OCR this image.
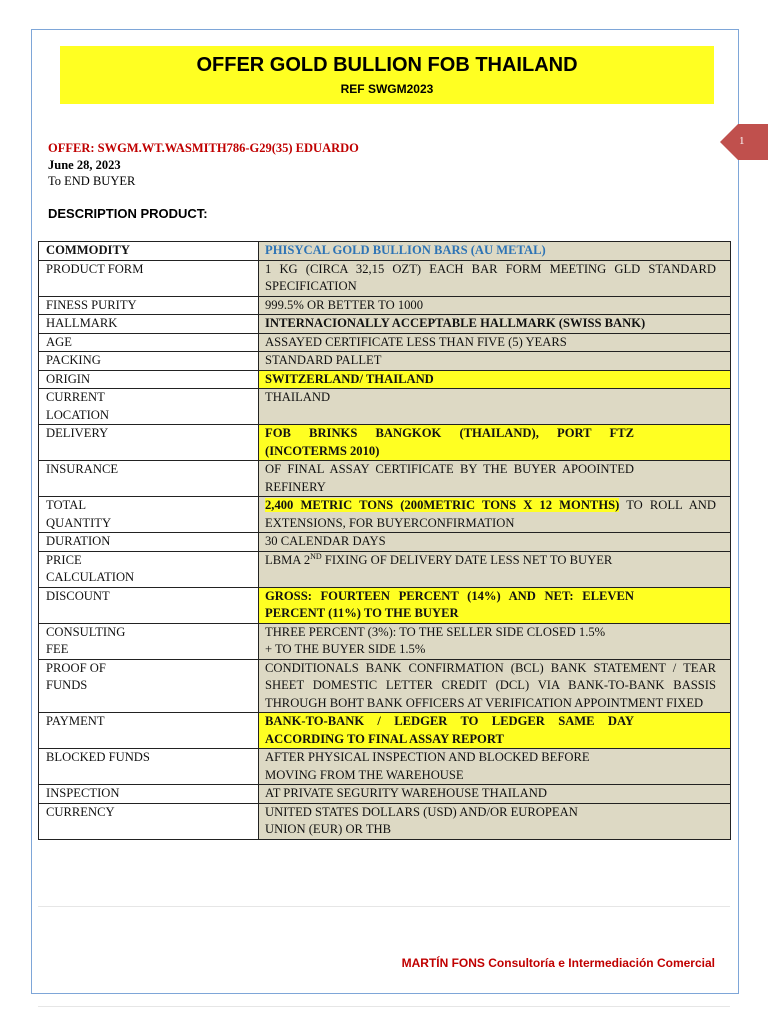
OFFER GOLD BULLION FOB THAILAND
REF SWGM2023
1
OFFER: SWGM.WT.WASMITH786-G29(35) EDUARDO
June 28, 2023
To END BUYER
DESCRIPTION PRODUCT:
COMMODITY	PHISYCAL GOLD BULLION BARS (AU METAL)
PRODUCT FORM	1 KG (CIRCA 32,15 OZT) EACH BAR FORM MEETING GLD STANDARD SPECIFICATION
FINESS PURITY	999.5% OR BETTER TO 1000
HALLMARK	INTERNACIONALLY ACCEPTABLE HALLMARK (SWISS BANK)
AGE	ASSAYED CERTIFICATE LESS THAN FIVE (5) YEARS
PACKING	STANDARD PALLET
ORIGIN	SWITZERLAND/ THAILAND
CURRENT LOCATION	THAILAND
DELIVERY	FOB BRINKS BANGKOK (THAILAND), PORT FTZ (INCOTERMS 2010)
INSURANCE	OF FINAL ASSAY CERTIFICATE BY THE BUYER APOOINTED REFINERY
TOTAL QUANTITY	2,400 METRIC TONS (200METRIC TONS X 12 MONTHS) TO ROLL AND EXTENSIONS, FOR BUYERCONFIRMATION
DURATION	30 CALENDAR DAYS
PRICE CALCULATION	LBMA 2ND FIXING OF DELIVERY DATE LESS NET TO BUYER
DISCOUNT	GROSS: FOURTEEN PERCENT (14%) AND NET: ELEVEN PERCENT (11%) TO THE BUYER
CONSULTING FEE	THREE PERCENT (3%): TO THE SELLER SIDE CLOSED 1.5%
+ TO THE BUYER SIDE 1.5%

PROOF OF FUNDS	CONDITIONALS BANK CONFIRMATION (BCL) BANK STATEMENT / TEAR SHEET DOMESTIC LETTER CREDIT (DCL) VIA BANK-TO-BANK BASSIS THROUGH BOHT BANK OFFICERS AT VERIFICATION APPOINTMENT FIXED
PAYMENT	BANK-TO-BANK / LEDGER TO LEDGER SAME DAY ACCORDING TO FINAL ASSAY REPORT
BLOCKED FUNDS	AFTER PHYSICAL INSPECTION AND BLOCKED BEFORE
MOVING FROM THE WAREHOUSE

INSPECTION	AT PRIVATE SEGURITY WAREHOUSE THAILAND
CURRENCY	UNITED STATES DOLLARS (USD) AND/OR EUROPEAN
UNION (EUR) OR THB
MARTÍN FONS Consultoría e Intermediación Comercial
